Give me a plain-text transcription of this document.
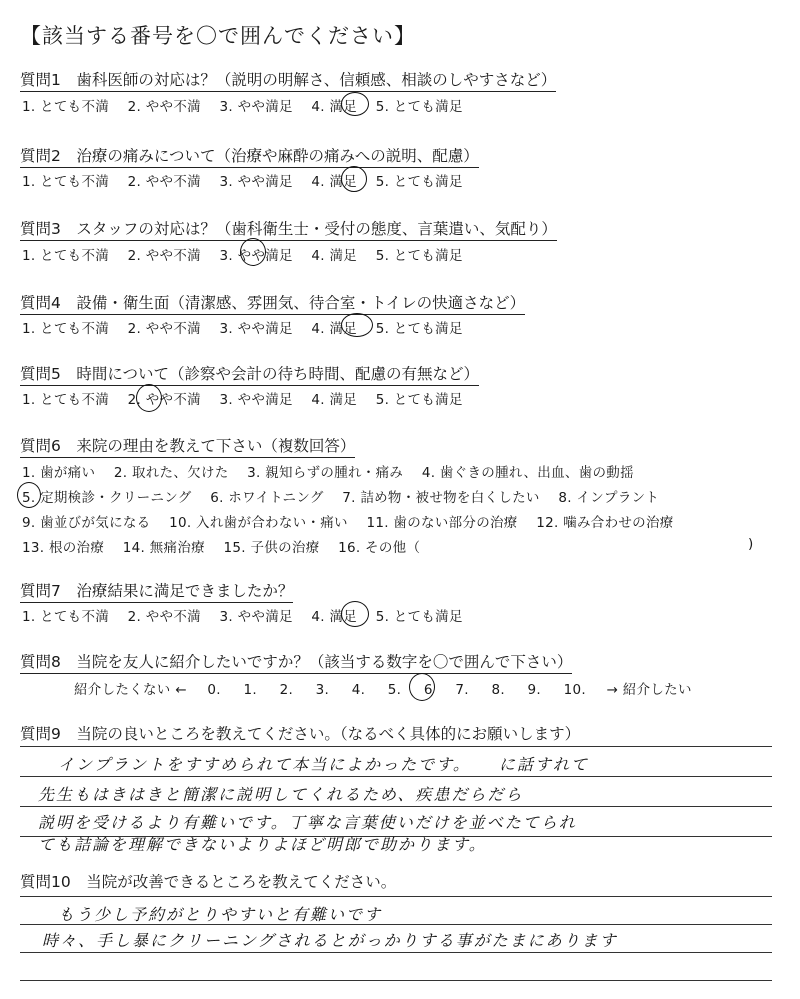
【該当する番号を〇で囲んでください】
質問1　歯科医師の対応は？（説明の明解さ、信頼感、相談のしやすさなど）
1. とても不満 2. やや不満 3. やや満足 4. 満足 5. とても満足
質問2　治療の痛みについて（治療や麻酔の痛みへの説明、配慮）
1. とても不満 2. やや不満 3. やや満足 4. 満足 5. とても満足
質問3　スタッフの対応は？（歯科衛生士・受付の態度、言葉遣い、気配り）
1. とても不満 2. やや不満 3. やや満足 4. 満足 5. とても満足
質問4　設備・衛生面（清潔感、雰囲気、待合室・トイレの快適さなど）
1. とても不満 2. やや不満 3. やや満足 4. 満足 5. とても満足
質問5　時間について（診察や会計の待ち時間、配慮の有無など）
1. とても不満 2. やや不満 3. やや満足 4. 満足 5. とても満足
質問6　来院の理由を教えて下さい（複数回答）
1. 歯が痛い 2. 取れた、欠けた 3. 親知らずの腫れ・痛み 4. 歯ぐきの腫れ、出血、歯の動揺
5. 定期検診・クリーニング 6. ホワイトニング 7. 詰め物・被せ物を白くしたい 8. インプラント
9. 歯並びが気になる 10. 入れ歯が合わない・痛い 11. 歯のない部分の治療 12. 噛み合わせの治療
13. 根の治療 14. 無痛治療 15. 子供の治療 16. その他（	)
質問7　治療結果に満足できましたか？
1. とても不満 2. やや不満 3. やや満足 4. 満足 5. とても満足
質問8　当院を友人に紹介したいですか？（該当する数字を〇で囲んで下さい）
紹介したくない ← 0. 1. 2. 3. 4. 5. 6 7. 8. 9. 10. → 紹介したい
質問9　当院の良いところを教えてください。（なるべく具体的にお願いします）
インプラントをすすめられて本当によかったです。　　に話すれて
先生もはきはきと簡潔に説明してくれるため、疾患だらだら
説明を受けるより有難いです。丁寧な言葉使いだけを並べたてられ
ても詰論を理解できないよりよほど明郎で助かります。
質問10　当院が改善できるところを教えてください。
もう少し予約がとりやすいと有難いです
時々、手し暴にクリーニングされるとがっかりする事がたまにあります
